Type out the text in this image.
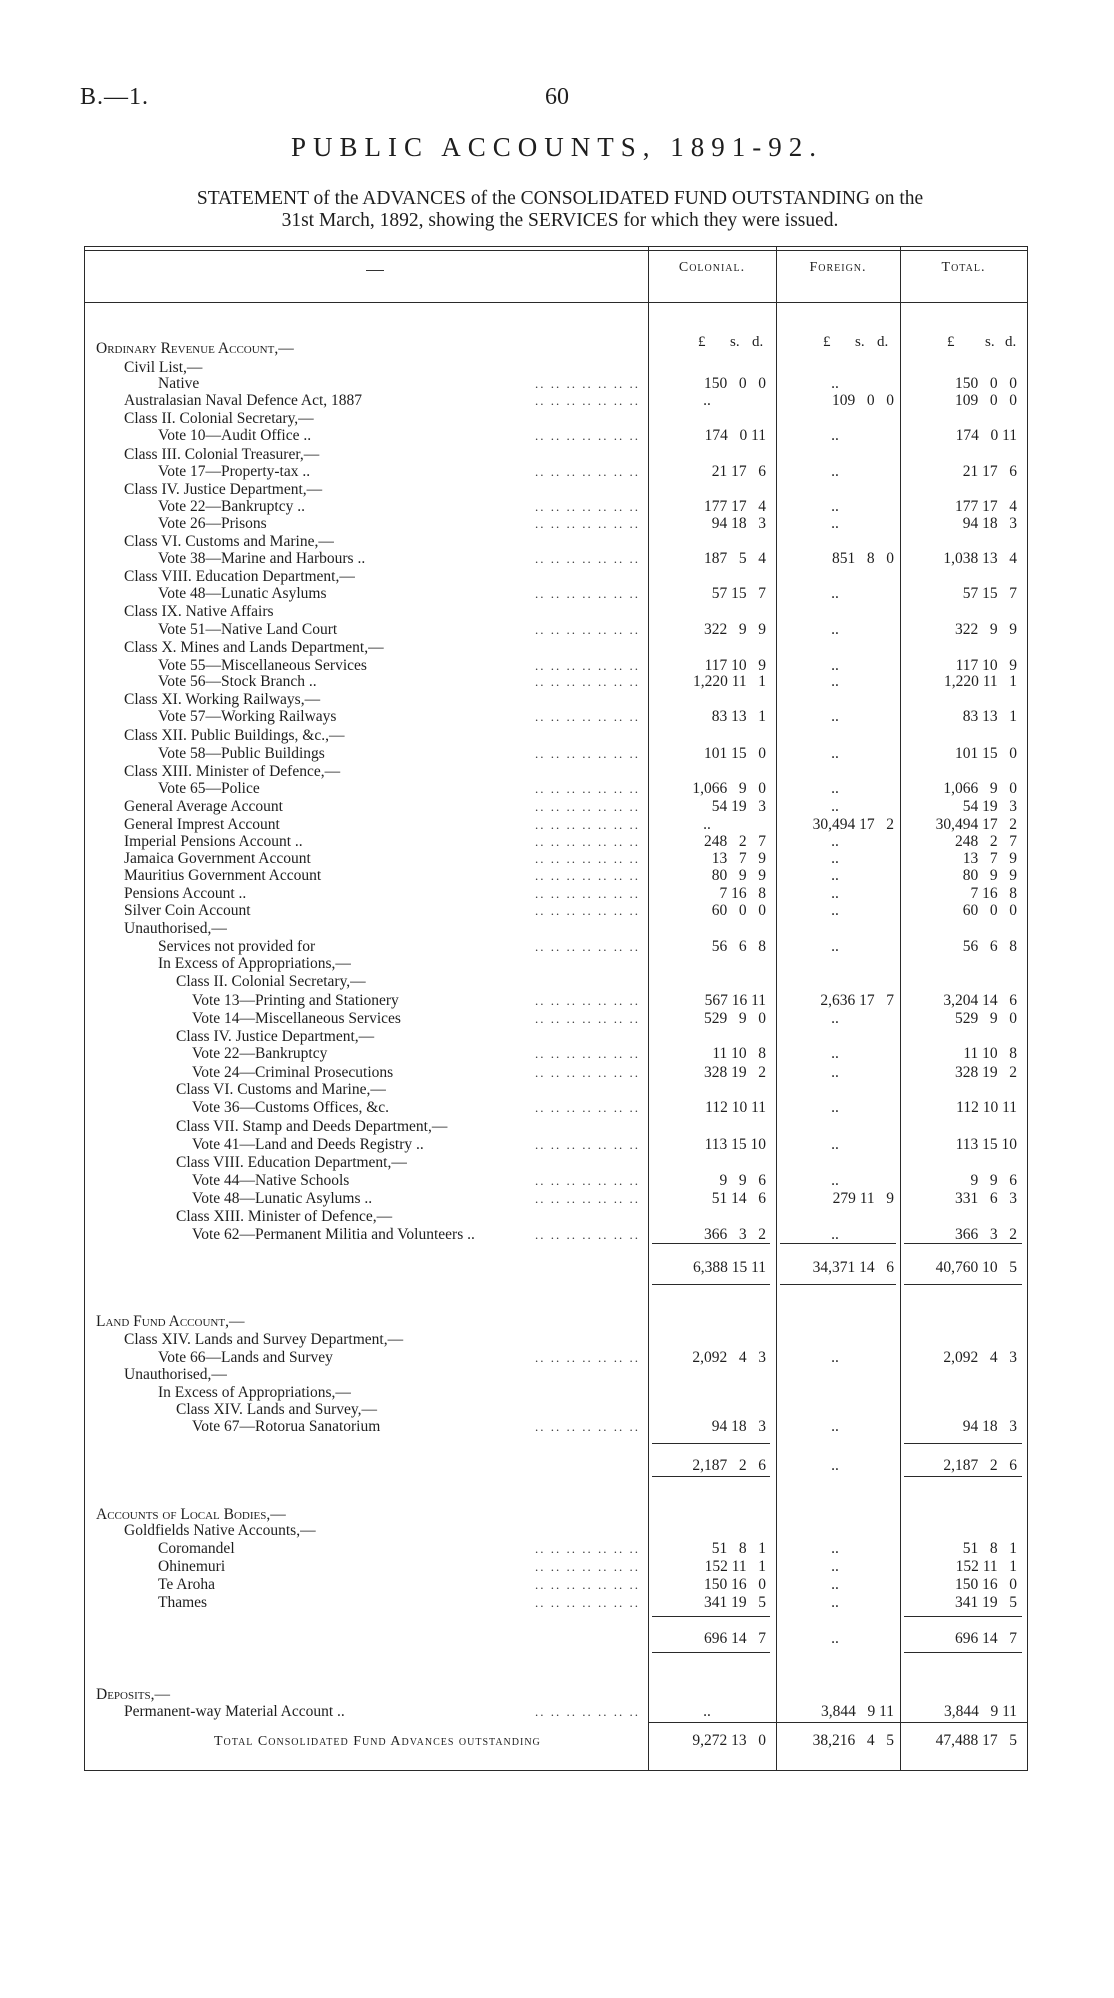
B.—1.	60
PUBLIC ACCOUNTS, 1891-92.
STATEMENT of the ADVANCES of the CONSOLIDATED FUND OUTSTANDING on the
31st March, 1892, showing the SERVICES for which they were issued.
Colonial.	Foreign.	Total.
£ s. d.	£ s. d.	£ s. d.
Ordinary Revenue Account,—
Civil List,—
Native	.. .. .. .. .. .. ..	150   0   0	..	150   0   0
Australasian Naval Defence Act, 1887	.. .. .. .. .. .. ..	..	109   0   0	109   0   0
Class II. Colonial Secretary,—
Vote 10—Audit Office ..	.. .. .. .. .. .. ..	174   0 11	..	174   0 11
Class III. Colonial Treasurer,—
Vote 17—Property-tax ..	.. .. .. .. .. .. ..	21 17   6	..	21 17   6
Class IV. Justice Department,—
Vote 22—Bankruptcy ..	.. .. .. .. .. .. ..	177 17   4	..	177 17   4
Vote 26—Prisons	.. .. .. .. .. .. ..	94 18   3	..	94 18   3
Class VI. Customs and Marine,—
Vote 38—Marine and Harbours ..	.. .. .. .. .. .. ..	187   5   4	851   8   0	1,038 13   4
Class VIII. Education Department,—
Vote 48—Lunatic Asylums	.. .. .. .. .. .. ..	57 15   7	..	57 15   7
Class IX. Native Affairs
Vote 51—Native Land Court	.. .. .. .. .. .. ..	322   9   9	..	322   9   9
Class X. Mines and Lands Department,—
Vote 55—Miscellaneous Services	.. .. .. .. .. .. ..	117 10   9	..	117 10   9
Vote 56—Stock Branch ..	.. .. .. .. .. .. ..	1,220 11   1	..	1,220 11   1
Class XI. Working Railways,—
Vote 57—Working Railways	.. .. .. .. .. .. ..	83 13   1	..	83 13   1
Class XII. Public Buildings, &c.,—
Vote 58—Public Buildings	.. .. .. .. .. .. ..	101 15   0	..	101 15   0
Class XIII. Minister of Defence,—
Vote 65—Police	.. .. .. .. .. .. ..	1,066   9   0	..	1,066   9   0
General Average Account	.. .. .. .. .. .. ..	54 19   3	..	54 19   3
General Imprest Account	.. .. .. .. .. .. ..	..	30,494 17   2	30,494 17   2
Imperial Pensions Account ..	.. .. .. .. .. .. ..	248   2   7	..	248   2   7
Jamaica Government Account	.. .. .. .. .. .. ..	13   7   9	..	13   7   9
Mauritius Government Account	.. .. .. .. .. .. ..	80   9   9	..	80   9   9
Pensions Account ..	.. .. .. .. .. .. ..	7 16   8	..	7 16   8
Silver Coin Account	.. .. .. .. .. .. ..	60   0   0	..	60   0   0
Unauthorised,—
Services not provided for	.. .. .. .. .. .. ..	56   6   8	..	56   6   8
In Excess of Appropriations,—
Class II. Colonial Secretary,—
Vote 13—Printing and Stationery	.. .. .. .. .. .. ..	567 16 11	2,636 17   7	3,204 14   6
Vote 14—Miscellaneous Services	.. .. .. .. .. .. ..	529   9   0	..	529   9   0
Class IV. Justice Department,—
Vote 22—Bankruptcy	.. .. .. .. .. .. ..	11 10   8	..	11 10   8
Vote 24—Criminal Prosecutions	.. .. .. .. .. .. ..	328 19   2	..	328 19   2
Class VI. Customs and Marine,—
Vote 36—Customs Offices, &c.	.. .. .. .. .. .. ..	112 10 11	..	112 10 11
Class VII. Stamp and Deeds Department,—
Vote 41—Land and Deeds Registry ..	.. .. .. .. .. .. ..	113 15 10	..	113 15 10
Class VIII. Education Department,—
Vote 44—Native Schools	.. .. .. .. .. .. ..	9   9   6	..	9   9   6
Vote 48—Lunatic Asylums ..	.. .. .. .. .. .. ..	51 14   6	279 11   9	331   6   3
Class XIII. Minister of Defence,—
Vote 62—Permanent Militia and Volunteers ..	.. .. .. .. .. .. ..	366   3   2	..	366   3   2
6,388 15 11	34,371 14   6	40,760 10   5
Land Fund Account,—
Class XIV. Lands and Survey Department,—
Vote 66—Lands and Survey	.. .. .. .. .. .. ..	2,092   4   3	..	2,092   4   3
Unauthorised,—
In Excess of Appropriations,—
Class XIV. Lands and Survey,—
Vote 67—Rotorua Sanatorium	.. .. .. .. .. .. ..	94 18   3	..	94 18   3
2,187   2   6	..	2,187   2   6
Accounts of Local Bodies,—
Goldfields Native Accounts,—
Coromandel	.. .. .. .. .. .. ..	51   8   1	..	51   8   1
Ohinemuri	.. .. .. .. .. .. ..	152 11   1	..	152 11   1
Te Aroha	.. .. .. .. .. .. ..	150 16   0	..	150 16   0
Thames	.. .. .. .. .. .. ..	341 19   5	..	341 19   5
696 14   7	..	696 14   7
Deposits,—
Permanent-way Material Account ..	.. .. .. .. .. .. ..	..	3,844   9 11	3,844   9 11
Total Consolidated Fund Advances outstanding	9,272 13   0	38,216   4   5	47,488 17   5
